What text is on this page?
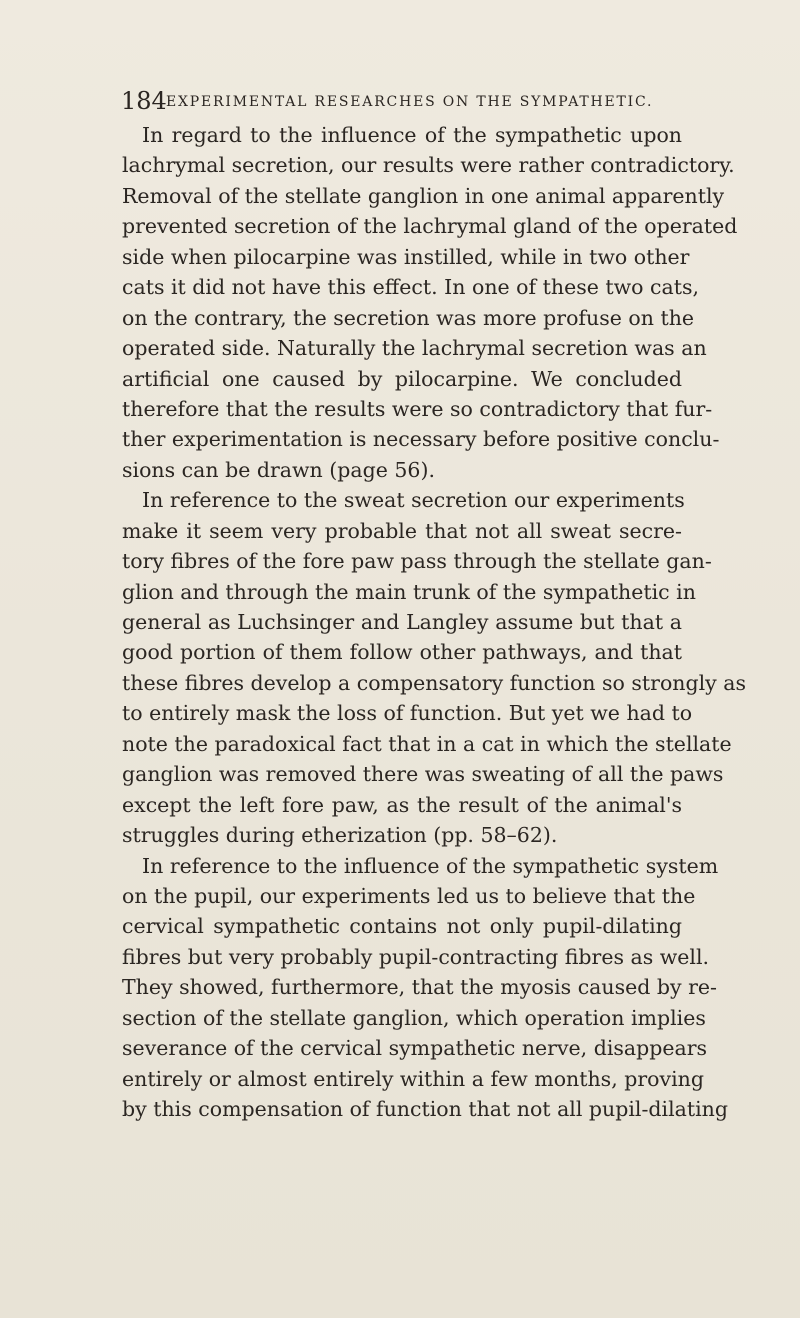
184 EXPERIMENTAL RESEARCHES ON THE SYMPATHETIC.
In regard to the influence of the sympathetic upon
lachrymal secretion, our results were rather contradictory.
Removal of the stellate ganglion in one animal apparently
prevented secretion of the lachrymal gland of the operated
side when pilocarpine was instilled, while in two other
cats it did not have this effect. In one of these two cats,
on the contrary, the secretion was more profuse on the
operated side. Naturally the lachrymal secretion was an
artificial one caused by pilocarpine. We concluded
therefore that the results were so contradictory that fur-
ther experimentation is necessary before positive conclu-
sions can be drawn (page 56).
In reference to the sweat secretion our experiments
make it seem very probable that not all sweat secre-
tory fibres of the fore paw pass through the stellate gan-
glion and through the main trunk of the sympathetic in
general as Luchsinger and Langley assume but that a
good portion of them follow other pathways, and that
these fibres develop a compensatory function so strongly as
to entirely mask the loss of function. But yet we had to
note the paradoxical fact that in a cat in which the stellate
ganglion was removed there was sweating of all the paws
except the left fore paw, as the result of the animal's
struggles during etherization (pp. 58–62).
In reference to the influence of the sympathetic system
on the pupil, our experiments led us to believe that the
cervical sympathetic contains not only pupil-dilating
fibres but very probably pupil-contracting fibres as well.
They showed, furthermore, that the myosis caused by re-
section of the stellate ganglion, which operation implies
severance of the cervical sympathetic nerve, disappears
entirely or almost entirely within a few months, proving
by this compensation of function that not all pupil-dilating
